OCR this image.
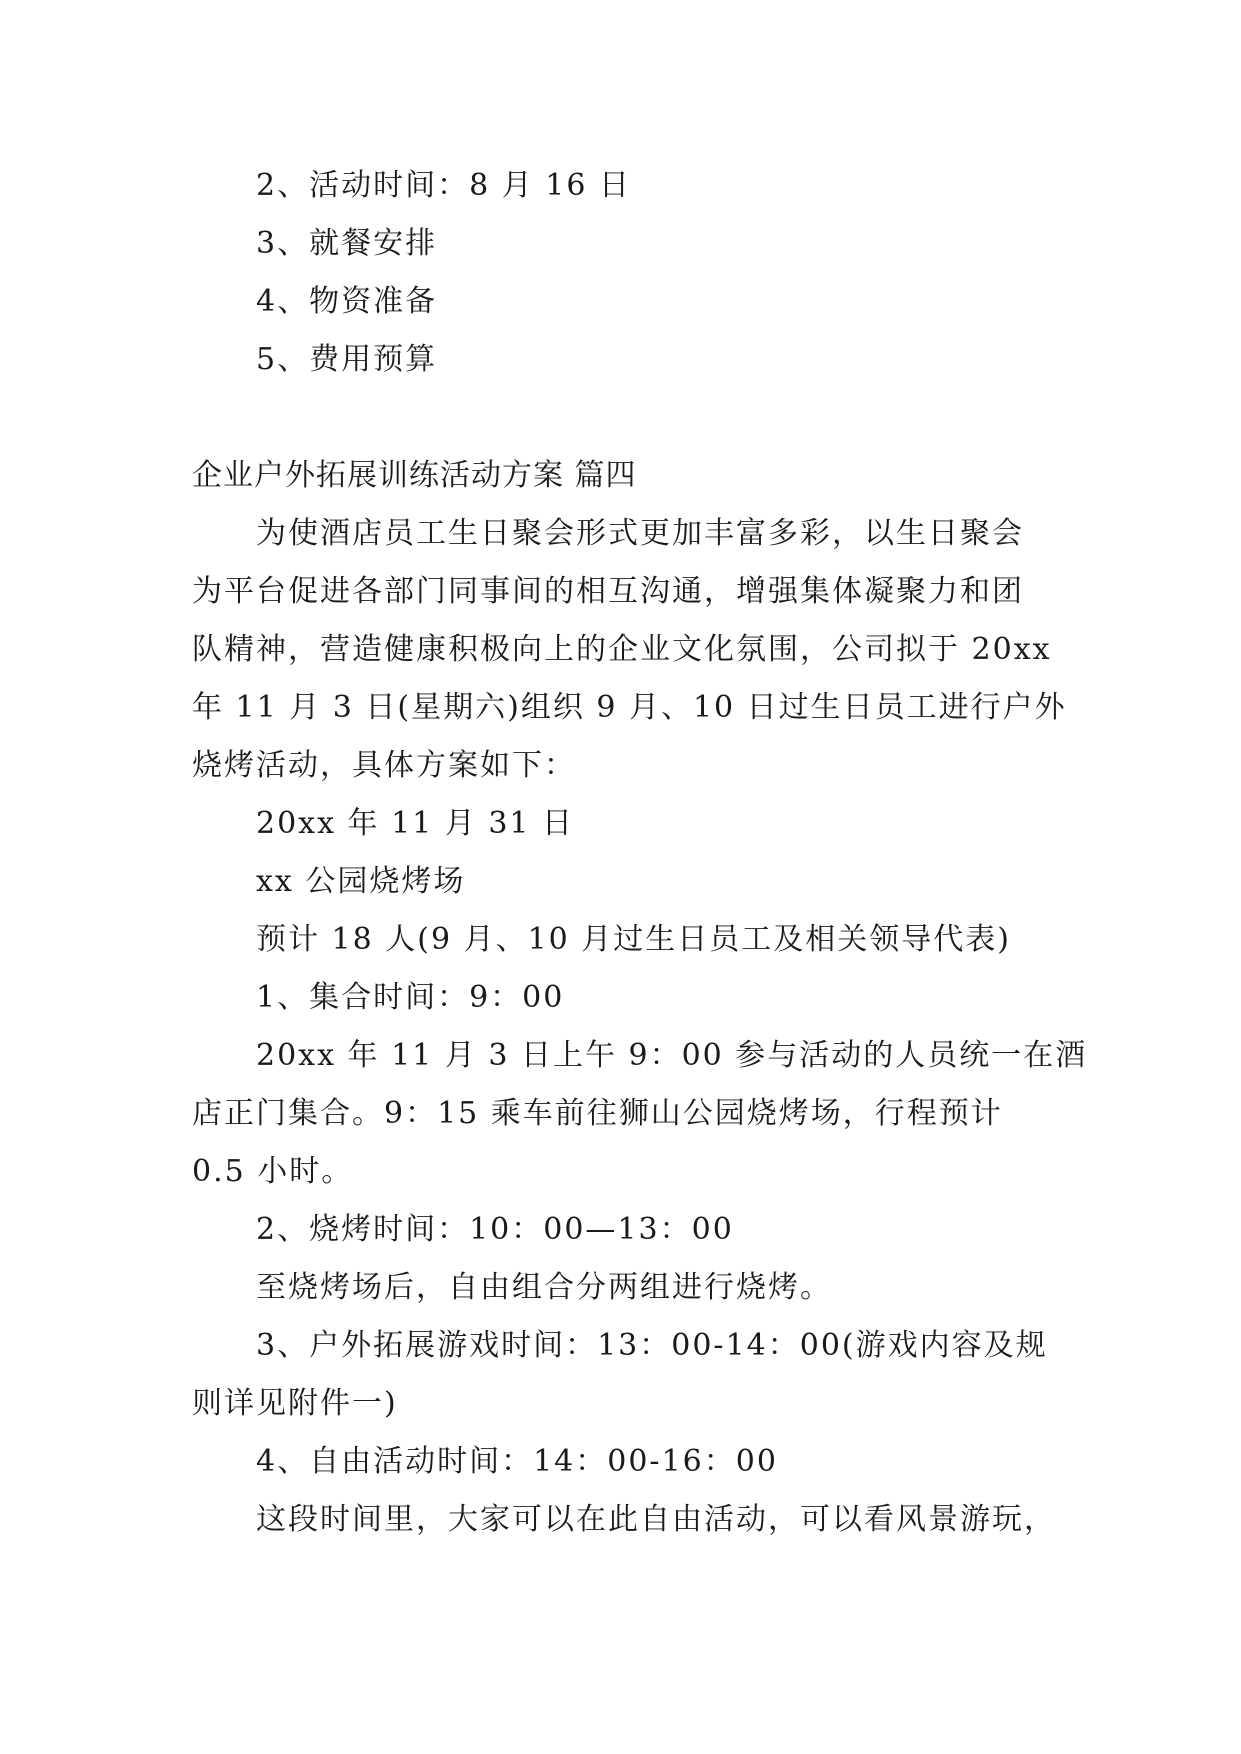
2、活动时间：8 月 16 日
3、就餐安排
4、物资准备
5、费用预算
企业户外拓展训练活动方案 篇四
为使酒店员工生日聚会形式更加丰富多彩，以生日聚会
为平台促进各部门同事间的相互沟通，增强集体凝聚力和团
队精神，营造健康积极向上的企业文化氛围，公司拟于 20xx
年 11 月 3 日(星期六)组织 9 月、10 日过生日员工进行户外
烧烤活动，具体方案如下：
20xx 年 11 月 31 日
xx 公园烧烤场
预计 18 人(9 月、10 月过生日员工及相关领导代表)
1、集合时间：9：00
20xx 年 11 月 3 日上午 9：00 参与活动的人员统一在酒
店正门集合。9：15 乘车前往狮山公园烧烤场，行程预计
0.5 小时。
2、烧烤时间：10：00—13：00
至烧烤场后，自由组合分两组进行烧烤。
3、户外拓展游戏时间：13：00-14：00(游戏内容及规
则详见附件一)
4、自由活动时间：14：00-16：00
这段时间里，大家可以在此自由活动，可以看风景游玩，
